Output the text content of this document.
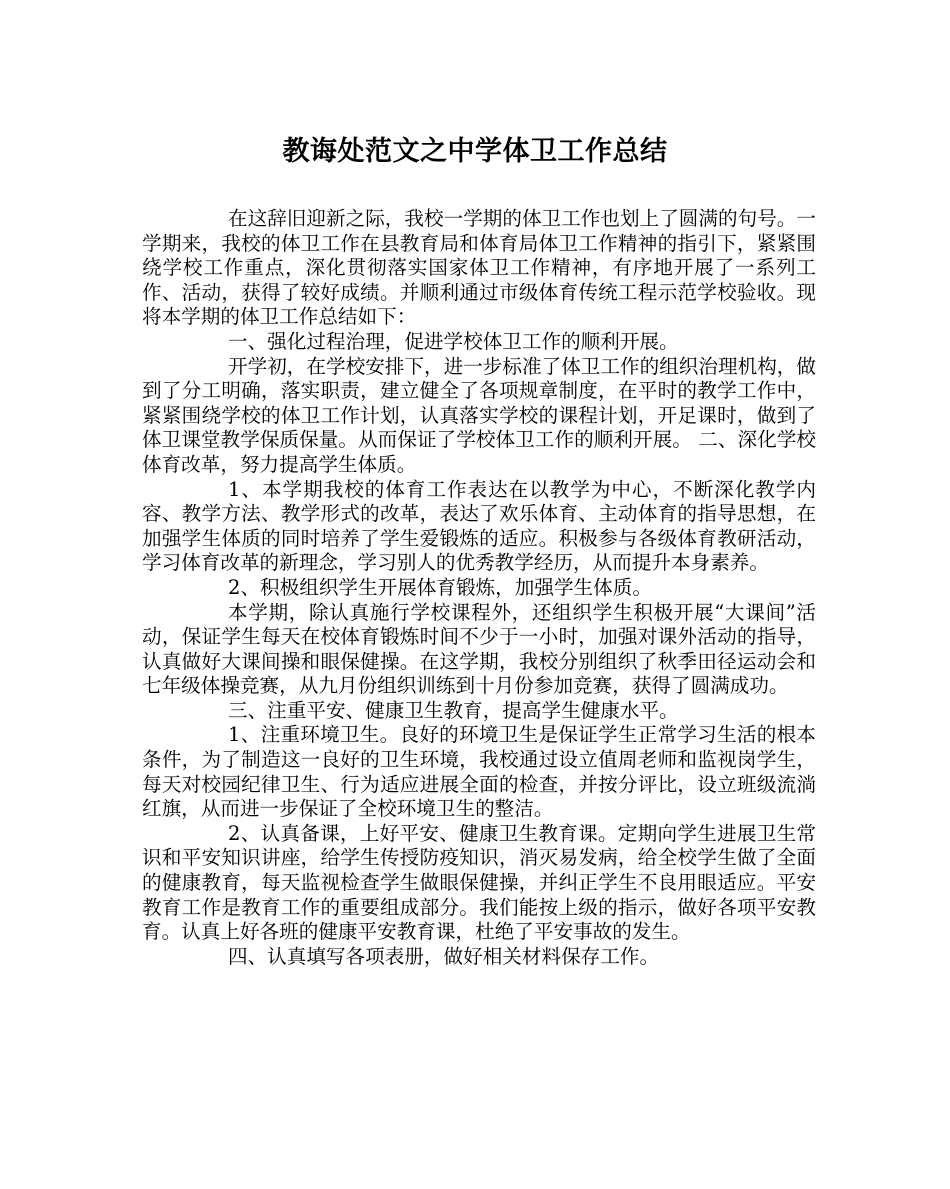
教诲处范文之中学体卫工作总结

在这辞旧迎新之际，我校一学期的体卫工作也划上了圆满的句号。一学期来，我校的体卫工作在县教育局和体育局体卫工作精神的指引下，紧紧围绕学校工作重点，深化贯彻落实国家体卫工作精神，有序地开展了一系列工作、活动，获得了较好成绩。并顺利通过市级体育传统工程示范学校验收。现将本学期的体卫工作总结如下：

一、强化过程治理，促进学校体卫工作的顺利开展。

开学初，在学校安排下，进一步标准了体卫工作的组织治理机构，做到了分工明确，落实职责，建立健全了各项规章制度，在平时的教学工作中，紧紧围绕学校的体卫工作计划，认真落实学校的课程计划，开足课时，做到了体卫课堂教学保质保量。从而保证了学校体卫工作的顺利开展。 二、深化学校体育改革，努力提高学生体质。

1、本学期我校的体育工作表达在以教学为中心，不断深化教学内容、教学方法、教学形式的改革，表达了欢乐体育、主动体育的指导思想，在加强学生体质的同时培养了学生爱锻炼的适应。积极参与各级体育教研活动，学习体育改革的新理念，学习别人的优秀教学经历，从而提升本身素养。

2、积极组织学生开展体育锻炼，加强学生体质。

本学期，除认真施行学校课程外，还组织学生积极开展“大课间”活动，保证学生每天在校体育锻炼时间不少于一小时，加强对课外活动的指导，认真做好大课间操和眼保健操。在这学期，我校分别组织了秋季田径运动会和七年级体操竞赛，从九月份组织训练到十月份参加竞赛，获得了圆满成功。

三、注重平安、健康卫生教育，提高学生健康水平。

1、注重环境卫生。良好的环境卫生是保证学生正常学习生活的根本条件，为了制造这一良好的卫生环境，我校通过设立值周老师和监视岗学生，每天对校园纪律卫生、行为适应进展全面的检查，并按分评比，设立班级流淌红旗，从而进一步保证了全校环境卫生的整洁。

2、认真备课，上好平安、健康卫生教育课。定期向学生进展卫生常识和平安知识讲座，给学生传授防疫知识，消灭易发病，给全校学生做了全面的健康教育，每天监视检查学生做眼保健操，并纠正学生不良用眼适应。平安教育工作是教育工作的重要组成部分。我们能按上级的指示，做好各项平安教育。认真上好各班的健康平安教育课，杜绝了平安事故的发生。

四、认真填写各项表册，做好相关材料保存工作。
